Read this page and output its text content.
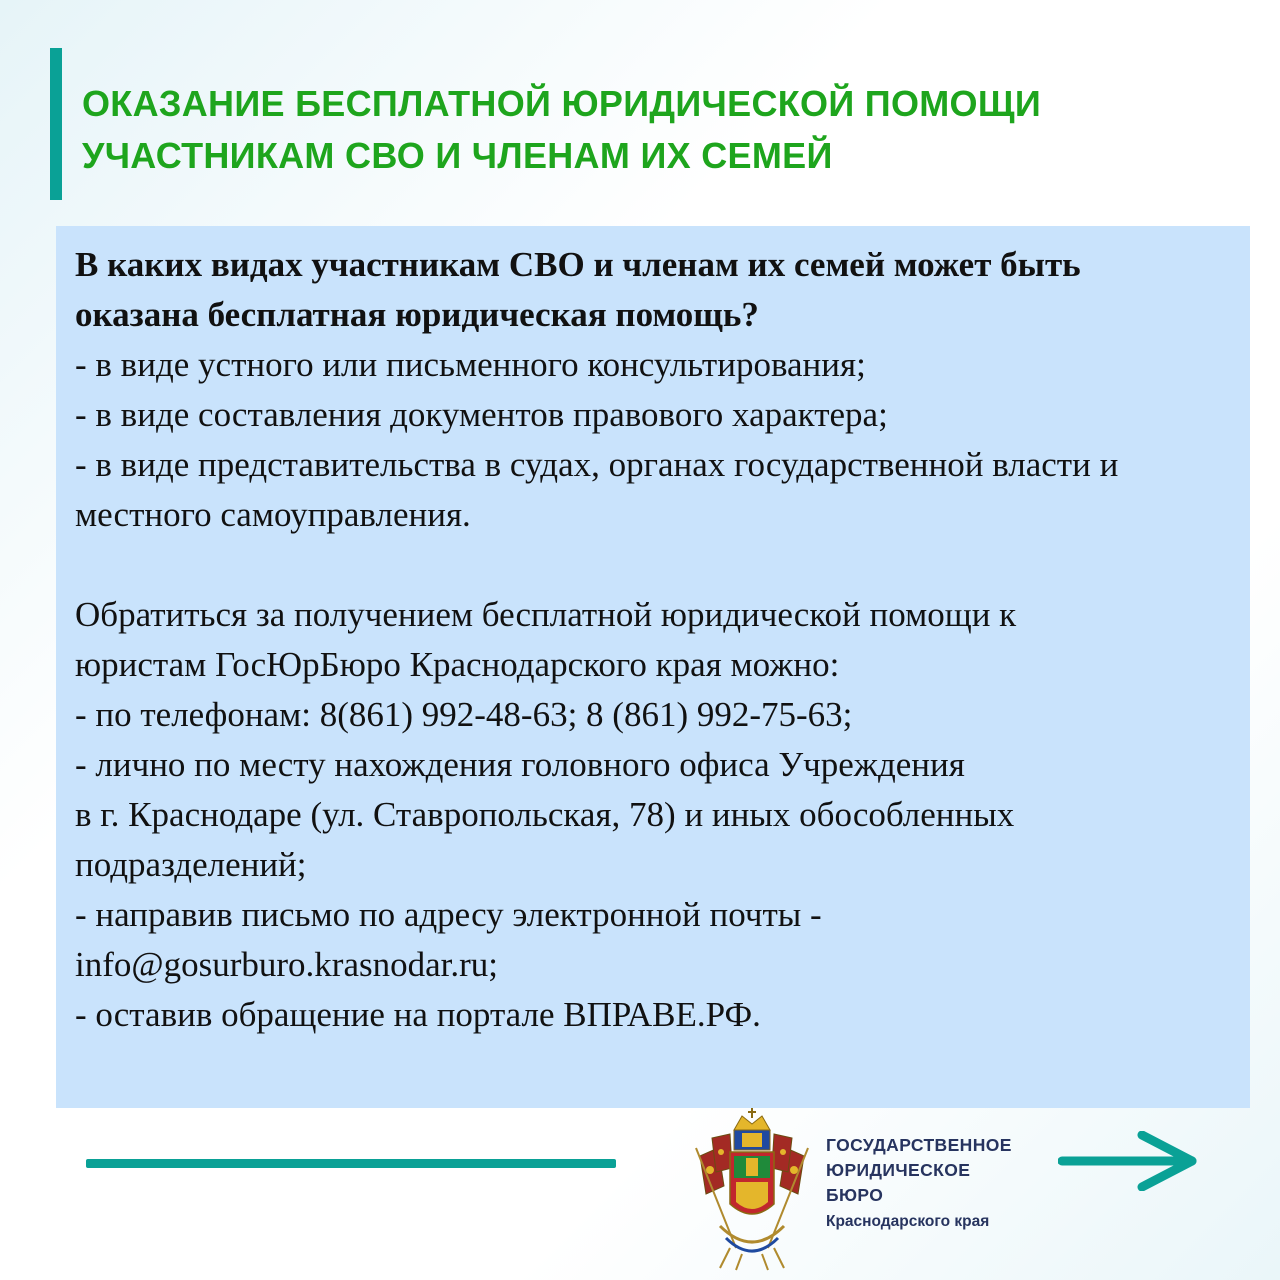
ОКАЗАНИЕ БЕСПЛАТНОЙ ЮРИДИЧЕСКОЙ ПОМОЩИ
УЧАСТНИКАМ СВО И ЧЛЕНАМ ИХ СЕМЕЙ

В каких видах участникам СВО и членам их семей может быть
оказана бесплатная юридическая помощь?

- в виде устного или письменного консультирования;
- в виде составления документов правового характера;
- в виде представительства в судах, органах государственной власти и
местного самоуправления.

Обратиться за получением бесплатной юридической помощи к
юристам ГосЮрБюро Краснодарского края можно:
- по телефонам: 8(861) 992-48-63; 8 (861) 992-75-63;
- лично по месту нахождения головного офиса Учреждения
в г. Краснодаре (ул. Ставропольская, 78) и иных обособленных
подразделений;
- направив письмо по адресу электронной почты -
info@gosurburo.krasnodar.ru;
- оставив обращение на портале ВПРАВЕ.РФ.

ГОСУДАРСТВЕННОЕ
ЮРИДИЧЕСКОЕ
БЮРО
Краснодарского края
